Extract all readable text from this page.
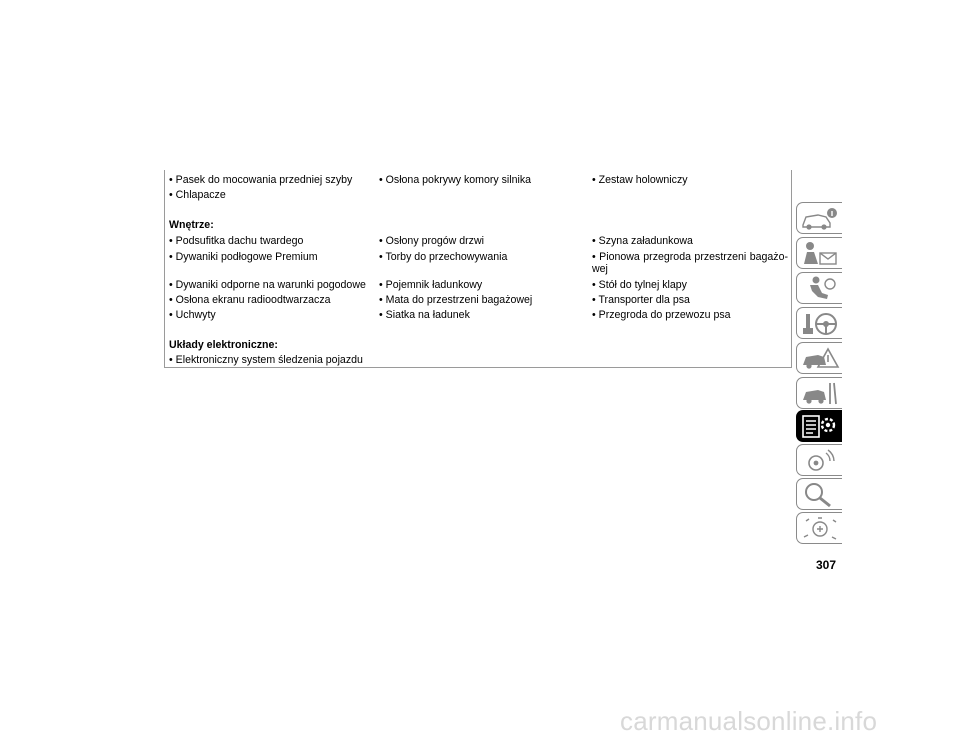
• Pasek do mocowania przedniej szyby	• Osłona pokrywy komory silnika	• Zestaw holowniczy
• Chlapacze
Wnętrze:
• Podsufitka dachu twardego	• Osłony progów drzwi	• Szyna załadunkowa
• Dywaniki podłogowe Premium	• Torby do przechowywania	• Pionowa przegroda przestrzeni bagażo-wej
• Dywaniki odporne na warunki pogodowe • Pojemnik ładunkowy	• Stół do tylnej klapy
• Osłona ekranu radioodtwarzacza	• Mata do przestrzeni bagażowej	• Transporter dla psa
• Uchwyty	• Siatka na ładunek	• Przegroda do przewozu psa
Układy elektroniczne:
• Elektroniczny system śledzenia pojazdu
307
carmanualsonline.info
